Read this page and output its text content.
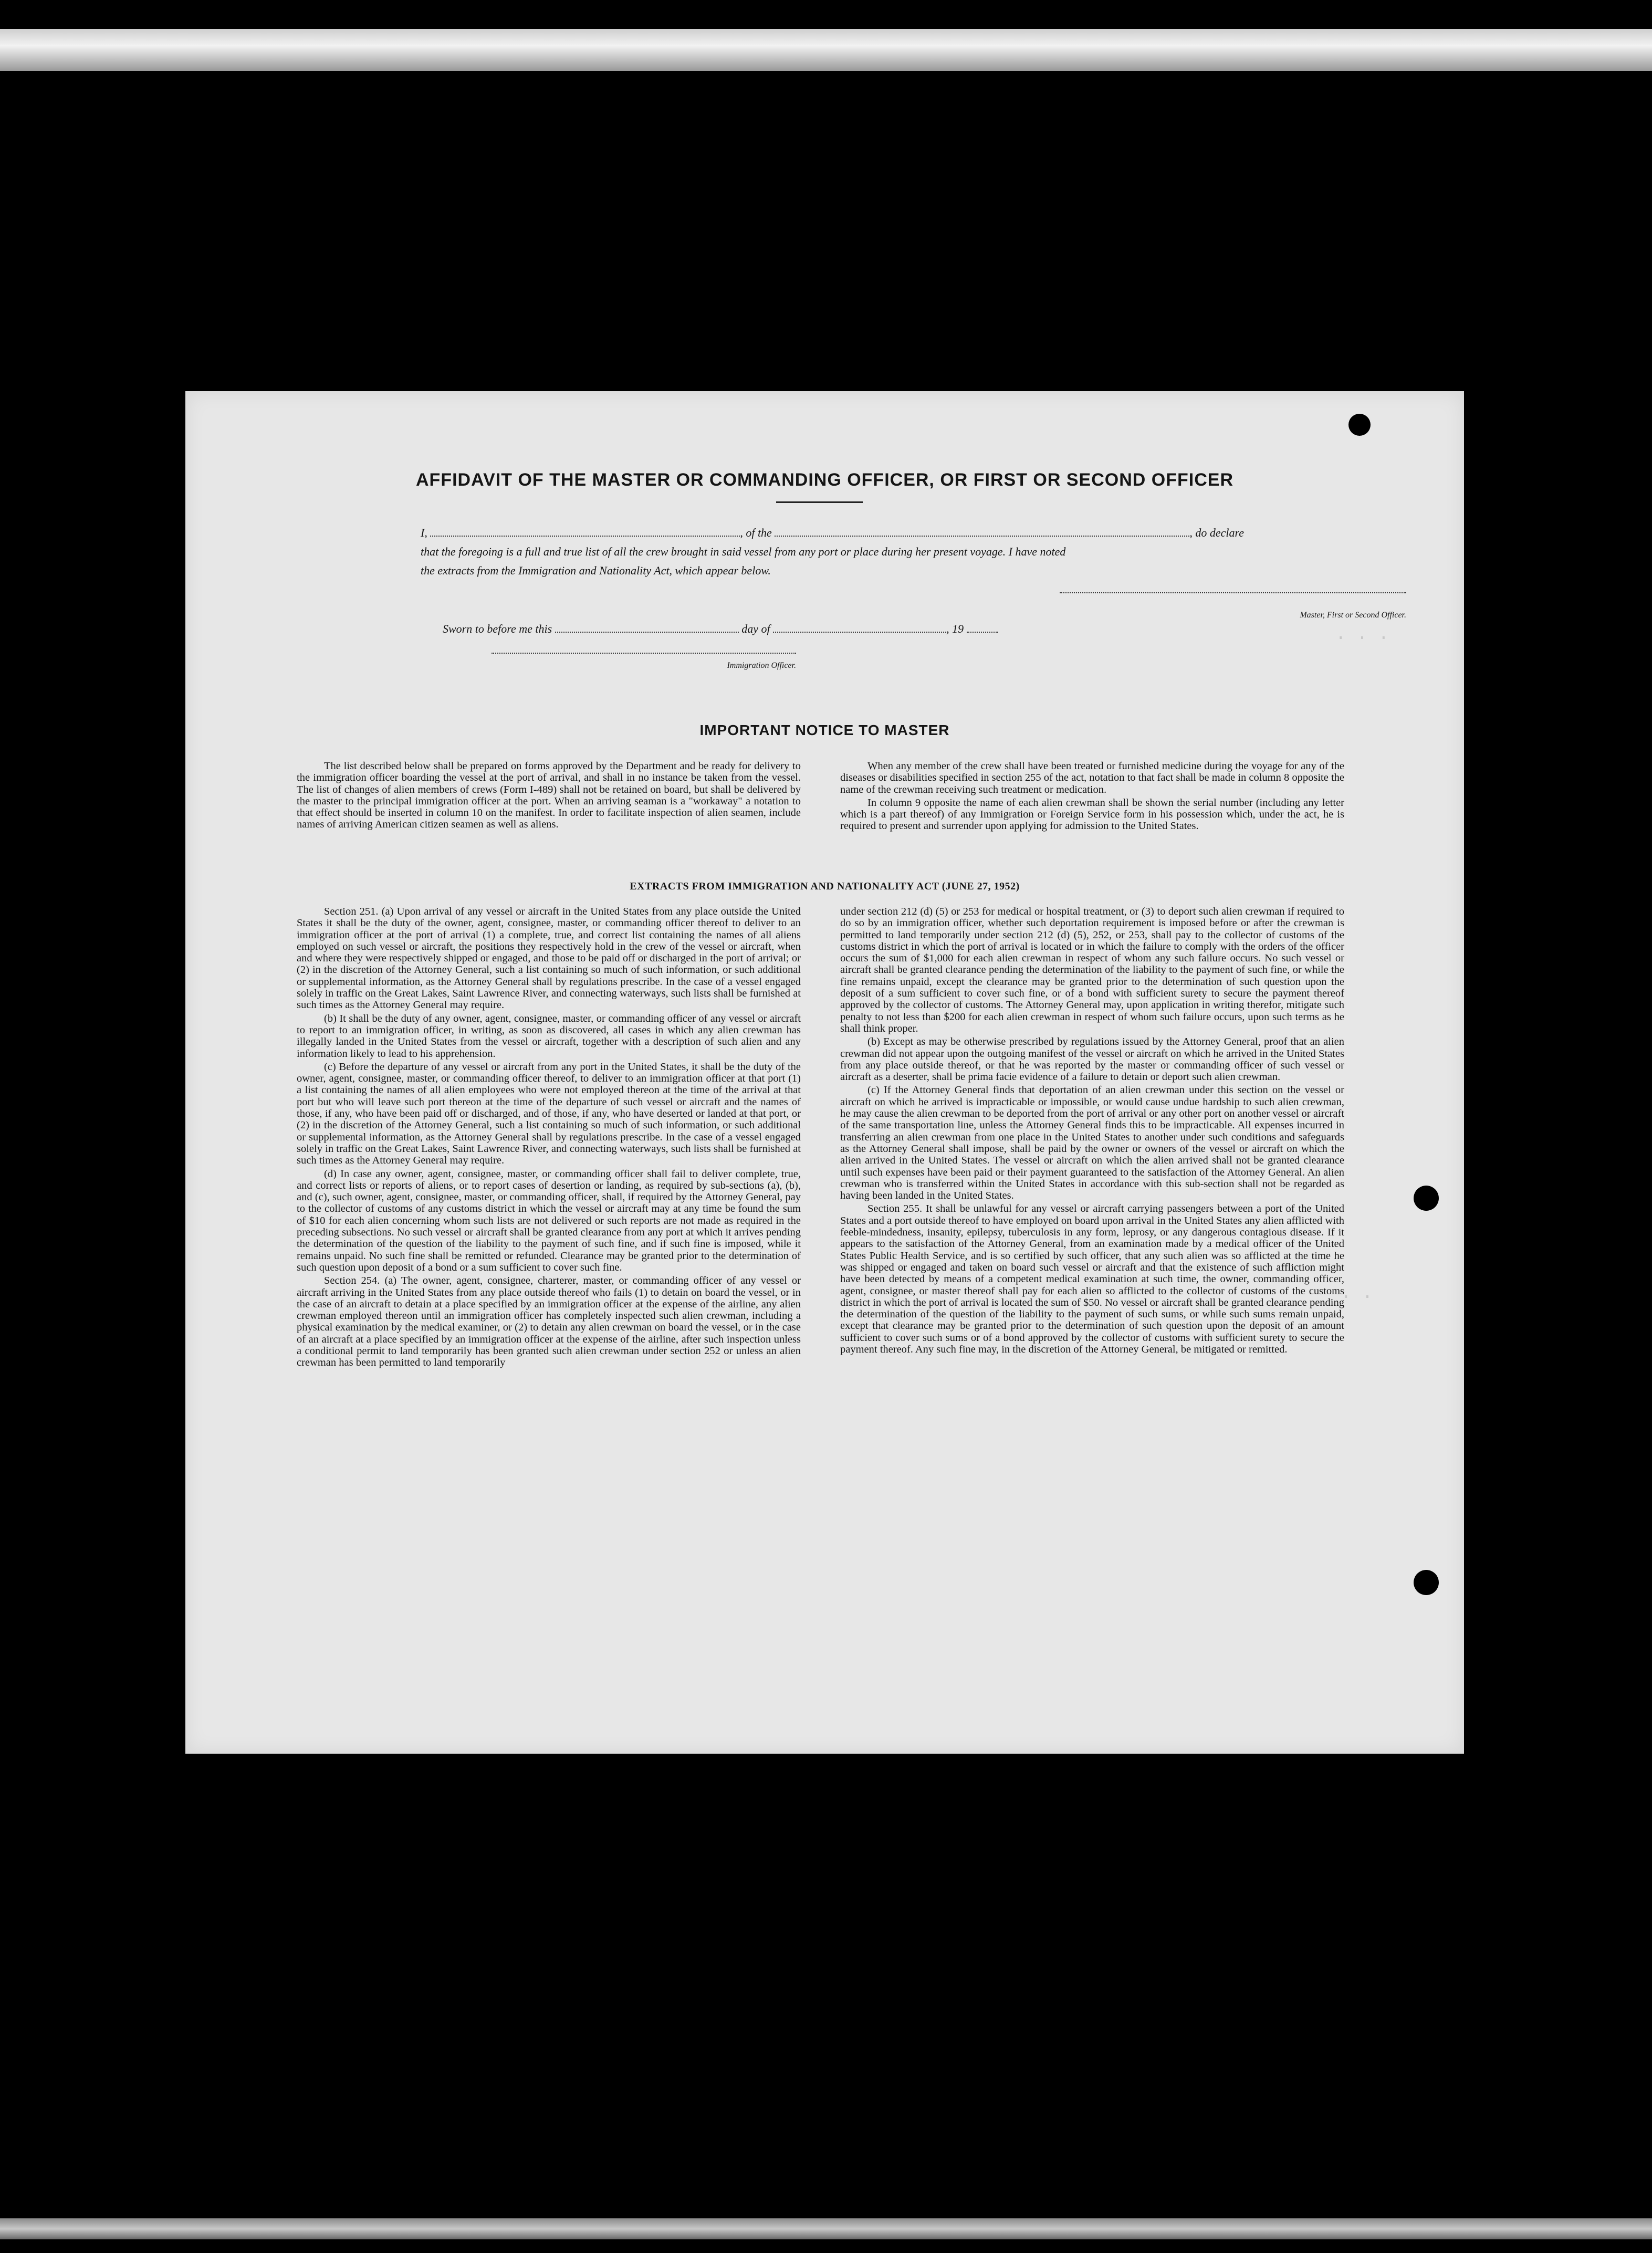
. . .
. .
AFFIDAVIT OF THE MASTER OR COMMANDING OFFICER, OR FIRST OR SECOND OFFICER
I,	, of the	, do declare
that the foregoing is a full and true list of all the crew brought in said vessel from any port or place during her present voyage. I have noted
the extracts from the Immigration and Nationality Act, which appear below.
Master, First or Second Officer.
Sworn to before me this	day of	, 19
Immigration Officer.
IMPORTANT NOTICE TO MASTER

The list described below shall be prepared on forms approved by the Department and be ready for delivery to the immigration officer boarding the vessel at the port of arrival, and shall in no instance be taken from the vessel. The list of changes of alien members of crews (Form I-489) shall not be retained on board, but shall be delivered by the master to the principal immigration officer at the port. When an arriving seaman is a "workaway" a notation to that effect should be inserted in column 10 on the manifest. In order to facilitate inspection of alien seamen, include names of arriving American citizen seamen as well as aliens.

When any member of the crew shall have been treated or furnished medicine during the voyage for any of the diseases or disabilities specified in section 255 of the act, notation to that fact shall be made in column 8 opposite the name of the crewman receiving such treatment or medication.

In column 9 opposite the name of each alien crewman shall be shown the serial number (including any letter which is a part thereof) of any Immigration or Foreign Service form in his possession which, under the act, he is required to present and surrender upon applying for admission to the United States.

EXTRACTS FROM IMMIGRATION AND NATIONALITY ACT (JUNE 27, 1952)

Section 251. (a) Upon arrival of any vessel or aircraft in the United States from any place outside the United States it shall be the duty of the owner, agent, consignee, master, or commanding officer thereof to deliver to an immigration officer at the port of arrival (1) a complete, true, and correct list containing the names of all aliens employed on such vessel or aircraft, the positions they respectively hold in the crew of the vessel or aircraft, when and where they were respectively shipped or engaged, and those to be paid off or discharged in the port of arrival; or (2) in the discretion of the Attorney General, such a list containing so much of such information, or such additional or supplemental information, as the Attorney General shall by regulations prescribe. In the case of a vessel engaged solely in traffic on the Great Lakes, Saint Lawrence River, and connecting waterways, such lists shall be furnished at such times as the Attorney General may require.

(b) It shall be the duty of any owner, agent, consignee, master, or commanding officer of any vessel or aircraft to report to an immigration officer, in writing, as soon as discovered, all cases in which any alien crewman has illegally landed in the United States from the vessel or aircraft, together with a description of such alien and any information likely to lead to his apprehension.

(c) Before the departure of any vessel or aircraft from any port in the United States, it shall be the duty of the owner, agent, consignee, master, or commanding officer thereof, to deliver to an immigration officer at that port (1) a list containing the names of all alien employees who were not employed thereon at the time of the arrival at that port but who will leave such port thereon at the time of the departure of such vessel or aircraft and the names of those, if any, who have been paid off or discharged, and of those, if any, who have deserted or landed at that port, or (2) in the discretion of the Attorney General, such a list containing so much of such information, or such additional or supplemental information, as the Attorney General shall by regulations prescribe. In the case of a vessel engaged solely in traffic on the Great Lakes, Saint Lawrence River, and connecting waterways, such lists shall be furnished at such times as the Attorney General may require.

(d) In case any owner, agent, consignee, master, or commanding officer shall fail to deliver complete, true, and correct lists or reports of aliens, or to report cases of desertion or landing, as required by sub-sections (a), (b), and (c), such owner, agent, consignee, master, or commanding officer, shall, if required by the Attorney General, pay to the collector of customs of any customs district in which the vessel or aircraft may at any time be found the sum of $10 for each alien concerning whom such lists are not delivered or such reports are not made as required in the preceding subsections. No such vessel or aircraft shall be granted clearance from any port at which it arrives pending the determination of the question of the liability to the payment of such fine, and if such fine is imposed, while it remains unpaid. No such fine shall be remitted or refunded. Clearance may be granted prior to the determination of such question upon deposit of a bond or a sum sufficient to cover such fine.

Section 254. (a) The owner, agent, consignee, charterer, master, or commanding officer of any vessel or aircraft arriving in the United States from any place outside thereof who fails (1) to detain on board the vessel, or in the case of an aircraft to detain at a place specified by an immigration officer at the expense of the airline, any alien crewman employed thereon until an immigration officer has completely inspected such alien crewman, including a physical examination by the medical examiner, or (2) to detain any alien crewman on board the vessel, or in the case of an aircraft at a place specified by an immigration officer at the expense of the airline, after such inspection unless a conditional permit to land temporarily has been granted such alien crewman under section 252 or unless an alien crewman has been permitted to land temporarily

under section 212 (d) (5) or 253 for medical or hospital treatment, or (3) to deport such alien crewman if required to do so by an immigration officer, whether such deportation requirement is imposed before or after the crewman is permitted to land temporarily under section 212 (d) (5), 252, or 253, shall pay to the collector of customs of the customs district in which the port of arrival is located or in which the failure to comply with the orders of the officer occurs the sum of $1,000 for each alien crewman in respect of whom any such failure occurs. No such vessel or aircraft shall be granted clearance pending the determination of the liability to the payment of such fine, or while the fine remains unpaid, except the clearance may be granted prior to the determination of such question upon the deposit of a sum sufficient to cover such fine, or of a bond with sufficient surety to secure the payment thereof approved by the collector of customs. The Attorney General may, upon application in writing therefor, mitigate such penalty to not less than $200 for each alien crewman in respect of whom such failure occurs, upon such terms as he shall think proper.

(b) Except as may be otherwise prescribed by regulations issued by the Attorney General, proof that an alien crewman did not appear upon the outgoing manifest of the vessel or aircraft on which he arrived in the United States from any place outside thereof, or that he was reported by the master or commanding officer of such vessel or aircraft as a deserter, shall be prima facie evidence of a failure to detain or deport such alien crewman.

(c) If the Attorney General finds that deportation of an alien crewman under this section on the vessel or aircraft on which he arrived is impracticable or impossible, or would cause undue hardship to such alien crewman, he may cause the alien crewman to be deported from the port of arrival or any other port on another vessel or aircraft of the same transportation line, unless the Attorney General finds this to be impracticable. All expenses incurred in transferring an alien crewman from one place in the United States to another under such conditions and safeguards as the Attorney General shall impose, shall be paid by the owner or owners of the vessel or aircraft on which the alien arrived in the United States. The vessel or aircraft on which the alien arrived shall not be granted clearance until such expenses have been paid or their payment guaranteed to the satisfaction of the Attorney General. An alien crewman who is transferred within the United States in accordance with this sub-section shall not be regarded as having been landed in the United States.

Section 255. It shall be unlawful for any vessel or aircraft carrying passengers between a port of the United States and a port outside thereof to have employed on board upon arrival in the United States any alien afflicted with feeble-mindedness, insanity, epilepsy, tuberculosis in any form, leprosy, or any dangerous contagious disease. If it appears to the satisfaction of the Attorney General, from an examination made by a medical officer of the United States Public Health Service, and is so certified by such officer, that any such alien was so afflicted at the time he was shipped or engaged and taken on board such vessel or aircraft and that the existence of such affliction might have been detected by means of a competent medical examination at such time, the owner, commanding officer, agent, consignee, or master thereof shall pay for each alien so afflicted to the collector of customs of the customs district in which the port of arrival is located the sum of $50. No vessel or aircraft shall be granted clearance pending the determination of the question of the liability to the payment of such sums, or while such sums remain unpaid, except that clearance may be granted prior to the determination of such question upon the deposit of an amount sufficient to cover such sums or of a bond approved by the collector of customs with sufficient surety to secure the payment thereof. Any such fine may, in the discretion of the Attorney General, be mitigated or remitted.
